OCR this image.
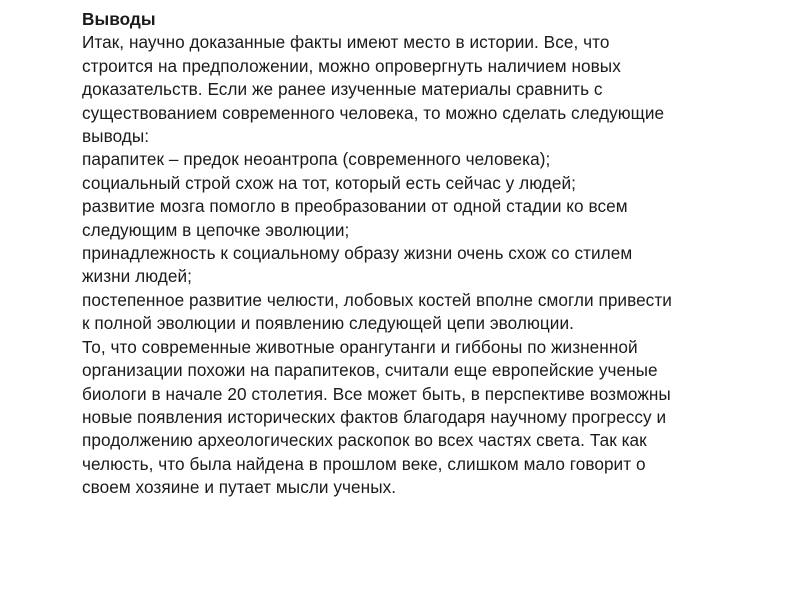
Выводы
Итак, научно доказанные факты имеют место в истории. Все, что строится на предположении, можно опровергнуть наличием новых доказательств. Если же ранее изученные материалы сравнить с существованием современного человека, то можно сделать следующие выводы:
парапитек – предок неоантропа (современного человека);
социальный строй схож на тот, который есть сейчас у людей;
развитие мозга помогло в преобразовании от одной стадии ко всем следующим в цепочке эволюции;
принадлежность к социальному образу жизни очень схож со стилем жизни людей;
постепенное развитие челюсти, лобовых костей вполне смогли привести к полной эволюции и появлению следующей цепи эволюции.
То, что современные животные орангутанги и гиббоны по жизненной организации похожи на парапитеков, считали еще европейские ученые биологи в начале 20 столетия. Все может быть, в перспективе возможны новые появления исторических фактов благодаря научному прогрессу и продолжению археологических раскопок во всех частях света. Так как челюсть, что была найдена в прошлом веке, слишком мало говорит о своем хозяине и путает мысли ученых.
